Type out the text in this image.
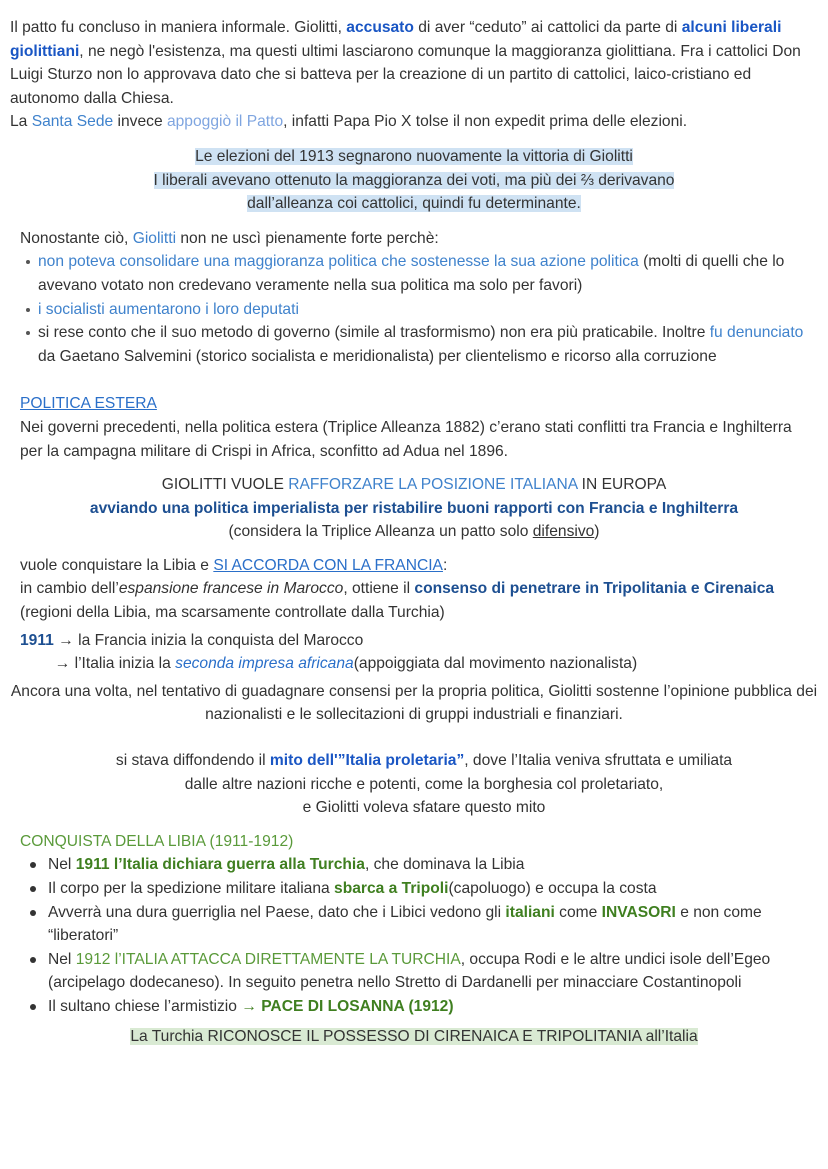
Il patto fu concluso in maniera informale. Giolitti, accusato di aver “ceduto” ai cattolici da parte di alcuni liberali giolittiani, ne negò l'esistenza, ma questi ultimi lasciarono comunque la maggioranza giolittiana. Fra i cattolici Don Luigi Sturzo non lo approvava dato che si batteva per la creazione di un partito di cattolici, laico-cristiano ed autonomo dalla Chiesa.

La Santa Sede invece appoggiò il Patto, infatti Papa Pio X tolse il non expedit prima delle elezioni.

Le elezioni del 1913 segnarono nuovamente la vittoria di Giolitti
I liberali avevano ottenuto la maggioranza dei voti, ma più dei ⅔ derivavano
dall’alleanza coi cattolici, quindi fu determinante.

Nonostante ciò, Giolitti non ne uscì pienamente forte perchè:

non poteva consolidare una maggioranza politica che sostenesse la sua azione politica (molti di quelli che lo avevano votato non credevano veramente nella sua politica ma solo per favori)
i socialisti aumentarono i loro deputati
si rese conto che il suo metodo di governo (simile al trasformismo) non era più praticabile. Inoltre fu denunciato da Gaetano Salvemini (storico socialista e meridionalista) per clientelismo e ricorso alla corruzione

POLITICA ESTERA

Nei governi precedenti, nella politica estera (Triplice Alleanza 1882) c’erano stati conflitti tra Francia e Inghilterra per la campagna militare di Crispi in Africa, sconfitto ad Adua nel 1896.

GIOLITTI VUOLE RAFFORZARE LA POSIZIONE ITALIANA IN EUROPA
avviando una politica imperialista per ristabilire buoni rapporti con Francia e Inghilterra
(considera la Triplice Alleanza un patto solo difensivo)

vuole conquistare la Libia e SI ACCORDA CON LA FRANCIA:
in cambio dell’espansione francese in Marocco, ottiene il consenso di penetrare in Tripolitania e Cirenaica (regioni della Libia, ma scarsamente controllate dalla Turchia)

1911 → la Francia inizia la conquista del Marocco
→ l’Italia inizia la seconda impresa africana(appoiggiata dal movimento nazionalista)

Ancora una volta, nel tentativo di guadagnare consensi per la propria politica, Giolitti sostenne l’opinione pubblica dei nazionalisti e le sollecitazioni di gruppi industriali e finanziari.

si stava diffondendo il mito dell'”Italia proletaria”, dove l’Italia veniva sfruttata e umiliata
dalle altre nazioni ricche e potenti, come la borghesia col proletariato,
e Giolitti voleva sfatare questo mito

CONQUISTA DELLA LIBIA (1911-1912)

Nel 1911 l’Italia dichiara guerra alla Turchia, che dominava la Libia
Il corpo per la spedizione militare italiana sbarca a Tripoli(capoluogo) e occupa la costa
Avverrà una dura guerriglia nel Paese, dato che i Libici vedono gli italiani come INVASORI e non come “liberatori”
Nel 1912 l’ITALIA ATTACCA DIRETTAMENTE LA TURCHIA, occupa Rodi e le altre undici isole dell’Egeo (arcipelago dodecaneso). In seguito penetra nello Stretto di Dardanelli per minacciare Costantinopoli
Il sultano chiese l’armistizio → PACE DI LOSANNA (1912)

La Turchia RICONOSCE IL POSSESSO DI CIRENAICA E TRIPOLITANIA all’Italia
